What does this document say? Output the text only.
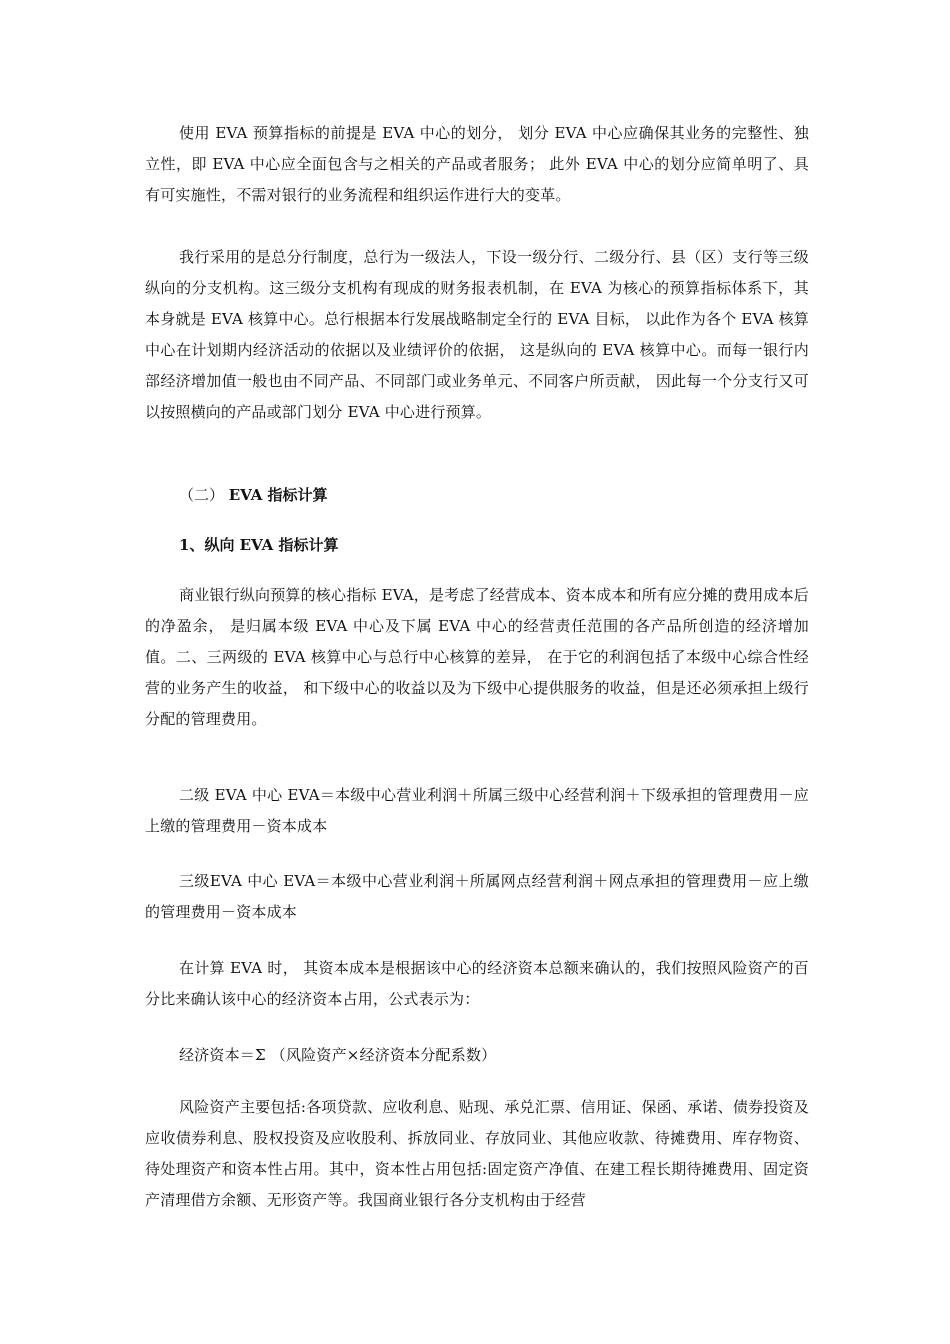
使用 EVA 预算指标的前提是 EVA 中心的划分， 划分 EVA 中心应确保其业务的完整性、独立性，即 EVA 中心应全面包含与之相关的产品或者服务； 此外 EVA 中心的划分应简单明了、具有可实施性，不需对银行的业务流程和组织运作进行大的变革。

我行采用的是总分行制度，总行为一级法人，下设一级分行、二级分行、县（区）支行等三级纵向的分支机构。这三级分支机构有现成的财务报表机制，在 EVA 为核心的预算指标体系下，其本身就是 EVA 核算中心。总行根据本行发展战略制定全行的 EVA 目标， 以此作为各个 EVA 核算中心在计划期内经济活动的依据以及业绩评价的依据， 这是纵向的 EVA 核算中心。而每一银行内部经济增加值一般也由不同产品、不同部门或业务单元、不同客户所贡献， 因此每一个分支行又可以按照横向的产品或部门划分 EVA 中心进行预算。

（二） EVA 指标计算
1、纵向 EVA 指标计算

商业银行纵向预算的核心指标 EVA，是考虑了经营成本、资本成本和所有应分摊的费用成本后的净盈余， 是归属本级 EVA 中心及下属 EVA 中心的经营责任范围的各产品所创造的经济增加值。二、三两级的 EVA 核算中心与总行中心核算的差异， 在于它的利润包括了本级中心综合性经营的业务产生的收益， 和下级中心的收益以及为下级中心提供服务的收益，但是还必须承担上级行分配的管理费用。

二级 EVA 中心 EVA＝本级中心营业利润＋所属三级中心经营利润＋下级承担的管理费用－应上缴的管理费用－资本成本

三级EVA 中心 EVA＝本级中心营业利润＋所属网点经营利润＋网点承担的管理费用－应上缴的管理费用－资本成本

在计算 EVA 时， 其资本成本是根据该中心的经济资本总额来确认的，我们按照风险资产的百分比来确认该中心的经济资本占用，公式表示为：

经济资本＝Σ （风险资产×经济资本分配系数）

风险资产主要包括:各项贷款、应收利息、贴现、承兑汇票、信用证、保函、承诺、债券投资及应收债券利息、股权投资及应收股利、拆放同业、存放同业、其他应收款、待摊费用、库存物资、待处理资产和资本性占用。其中，资本性占用包括:固定资产净值、在建工程长期待摊费用、固定资产清理借方余额、无形资产等。我国商业银行各分支机构由于经营
